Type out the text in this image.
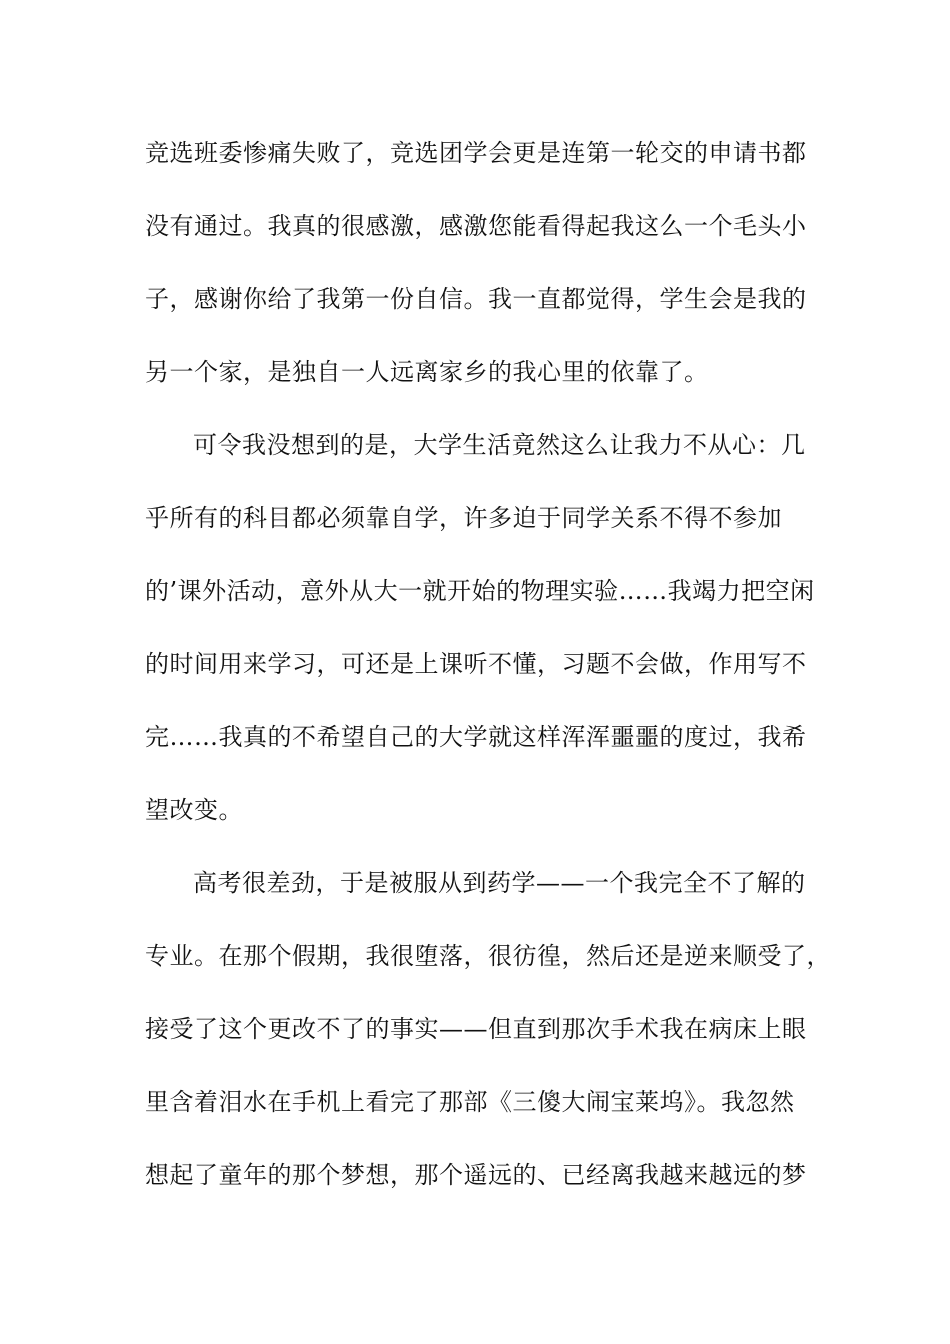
竞选班委惨痛失败了，竞选团学会更是连第一轮交的申请书都
没有通过。我真的很感激，感激您能看得起我这么一个毛头小
子，感谢你给了我第一份自信。我一直都觉得，学生会是我的
另一个家，是独自一人远离家乡的我心里的依靠了。
可令我没想到的是，大学生活竟然这么让我力不从心：几
乎所有的科目都必须靠自学，许多迫于同学关系不得不参加
的’课外活动，意外从大一就开始的物理实验……我竭力把空闲
的时间用来学习，可还是上课听不懂，习题不会做，作用写不
完……我真的不希望自己的大学就这样浑浑噩噩的度过，我希
望改变。
高考很差劲，于是被服从到药学——一个我完全不了解的
专业。在那个假期，我很堕落，很彷徨，然后还是逆来顺受了，
接受了这个更改不了的事实——但直到那次手术我在病床上眼
里含着泪水在手机上看完了那部《三傻大闹宝莱坞》。我忽然
想起了童年的那个梦想，那个遥远的、已经离我越来越远的梦
